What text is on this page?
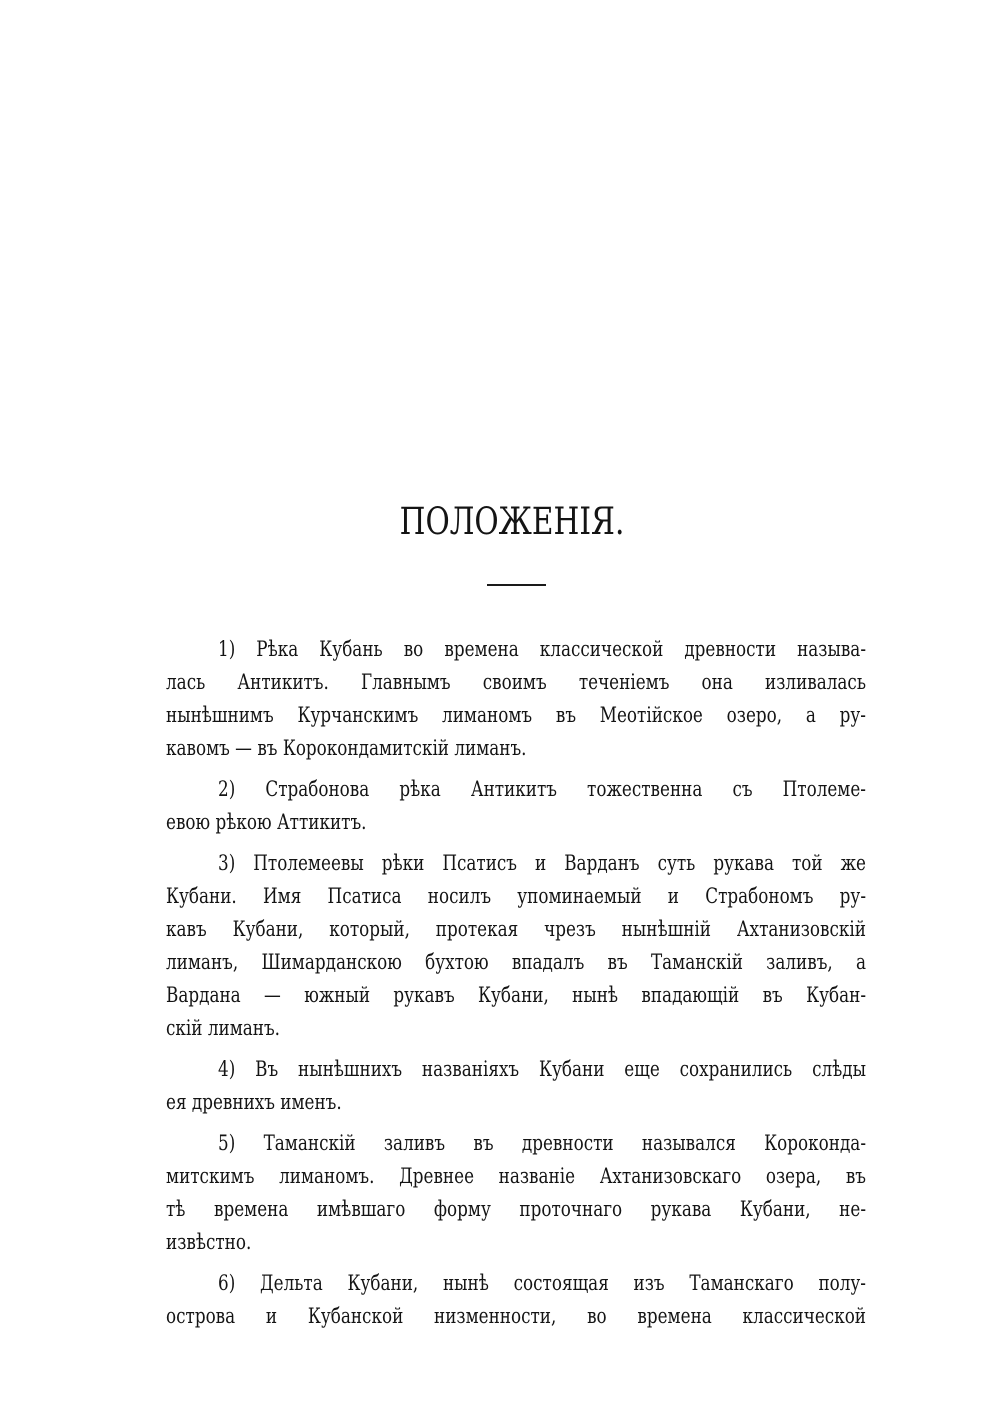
ПОЛОЖЕНІЯ.
1) Рѣка Кубань во времена классической древности называ-
лась Антикитъ. Главнымъ своимъ теченіемъ она изливалась
нынѣшнимъ Курчанскимъ лиманомъ въ Меотійское озеро, а ру-
кавомъ — въ Корокондамитскій лиманъ.
2) Страбонова рѣка Антикитъ тожественна съ Птолеме-
евою рѣкою Аттикитъ.
3) Птолемеевы рѣки Псатисъ и Варданъ суть рукава той же
Кубани. Имя Псатиса носилъ упоминаемый и Страбономъ ру-
кавъ Кубани, который, протекая чрезъ нынѣшній Ахтанизовскій
лиманъ, Шимарданскою бухтою впадалъ въ Таманскій заливъ, а
Вардана — южный рукавъ Кубани, нынѣ впадающій въ Кубан-
скій лиманъ.
4) Въ нынѣшнихъ названіяхъ Кубани еще сохранились слѣды
ея древнихъ именъ.
5) Таманскій заливъ въ древности назывался Корокондa-
митскимъ лиманомъ. Древнее названіе Ахтанизовскаго озера, въ
тѣ времена имѣвшаго форму проточнаго рукава Кубани, не-
извѣстно.
6) Дельта Кубани, нынѣ состоящая изъ Таманскаго полу-
острова и Кубанской низменности, во времена классической
